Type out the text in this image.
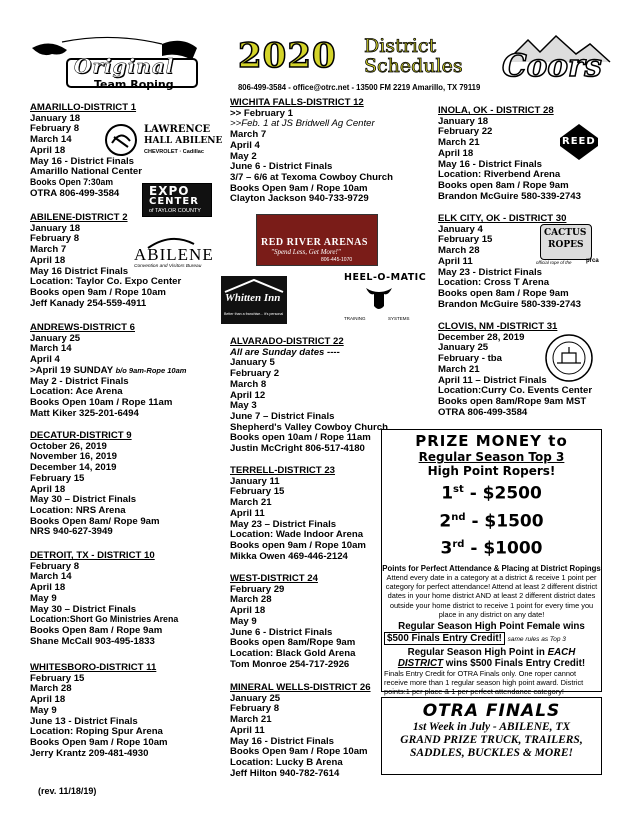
Original
Team Roping
2020 District
Schedules
806-499-3584 - office@otrc.net - 13500 FM 2219 Amarillo, TX 79119
Coors
LAWRENCE
HALL ABILENE
CHEVROLET · Cadillac
EXPO
CENTER
of TAYLOR COUNTY
ABILENE
Convention and Visitors Bureau
RED RIVER ARENAS
"Spend Less, Get More!"
806-445-1070
Whitten Inn
Better than a franchise... it's personal
HEEL-O-MATIC
TRAINING	SYSTEMS
REED
CACTUS
ROPES
official rope of the prca
AMARILLO-DISTRICT 1
January 18
February 8
March 14
April 18
May 16 - District Finals
Amarillo National Center
Books Open 7:30am
OTRA 806-499-3584
ABILENE-DISTRICT 2
January 18
February 8
March 7
April 18
May 16 District Finals
Location: Taylor Co. Expo Center
Books open 9am / Rope 10am
Jeff Kanady 254-559-4911
ANDREWS-DISTRICT 6
January 25
March 14
April 4
>April 19 SUNDAY b/o 9am-Rope 10am
May 2 - District Finals
Location: Ace Arena
Books Open 10am / Rope 11am
Matt Kiker 325-201-6494
DECATUR-DISTRICT 9
October 26, 2019
November 16, 2019
December 14, 2019
February 15
April 18
May 30 – District Finals
Location: NRS Arena
Books Open 8am/ Rope 9am
NRS 940-627-3949
DETROIT, TX - DISTRICT 10
February 8
March 14
April 18
May 9
May 30 – District Finals
Location:Short Go Ministries Arena
Books Open 8am / Rope 9am
Shane McCall 903-495-1833
WHITESBORO-DISTRICT 11
February 15
March 28
April 18
May 9
June 13 - District Finals
Location: Roping Spur Arena
Books Open 9am / Rope 10am
Jerry Krantz 209-481-4930
(rev. 11/18/19)
WICHITA FALLS-DISTRICT 12
>> February 1
>>Feb. 1 at JS Bridwell Ag Center
March 7
April 4
May 2
June 6 - District Finals
3/7 – 6/6 at Texoma Cowboy Church
Books Open 9am / Rope 10am
Clayton Jackson 940-733-9729
ALVARADO-DISTRICT 22
All are Sunday dates ----
January 5
February 2
March 8
April 12
May 3
June 7 – District Finals
Shepherd's Valley Cowboy Church
Books open 10am / Rope 11am
Justin McCright 806-517-4180
TERRELL-DISTRICT 23
January 11
February 15
March 21
April 11
May 23 – District Finals
Location: Wade Indoor Arena
Books open 9am / Rope 10am
Mikka Owen 469-446-2124
WEST-DISTRICT 24
February 29
March 28
April 18
May 9
June 6 - District Finals
Books open 8am/Rope 9am
Location: Black Gold Arena
Tom Monroe 254-717-2926
MINERAL WELLS-DISTRICT 26
January 25
February 8
March 21
April 11
May 16 - District Finals
Books Open 9am / Rope 10am
Location: Lucky B Arena
Jeff Hilton 940-782-7614
INOLA, OK - DISTRICT 28
January 18
February 22
March 21
April 18
May 16 - District Finals
Location: Riverbend Arena
Books open 8am / Rope 9am
Brandon McGuire 580-339-2743
ELK CITY, OK - DISTRICT 30
January 4
February 15
March 28
April 11
May 23 - District Finals
Location: Cross T Arena
Books open 8am / Rope 9am
Brandon McGuire 580-339-2743
CLOVIS, NM -DISTRICT 31
December 28, 2019
January 25
February - tba
March 21
April 11 – District Finals
Location:Curry Co. Events Center
Books open 8am/Rope 9am MST
OTRA 806-499-3584
PRIZE MONEY to
Regular Season Top 3
High Point Ropers!
1st - $2500
2nd - $1500
3rd - $1000
Points for Perfect Attendance & Placing at District Ropings
Attend every date in a category at a district & receive 1 point per category for perfect attendance! Attend at least 2 different district dates in your home district AND at least 2 different district dates outside your home district to receive 1 point for every time you place in any district on any date!
Regular Season High Point Female wins
$500 Finals Entry Credit! same rules as Top 3
Regular Season High Point in EACH
DISTRICT wins $500 Finals Entry Credit!
Finals Entry Credit for OTRA Finals only. One roper cannot receive more than 1 regular season high point award. District points:1 per place & 1 per perfect attendance category!
OTRA FINALS
1st Week in July - ABILENE, TX
GRAND PRIZE TRUCK, TRAILERS,
SADDLES, BUCKLES & MORE!
